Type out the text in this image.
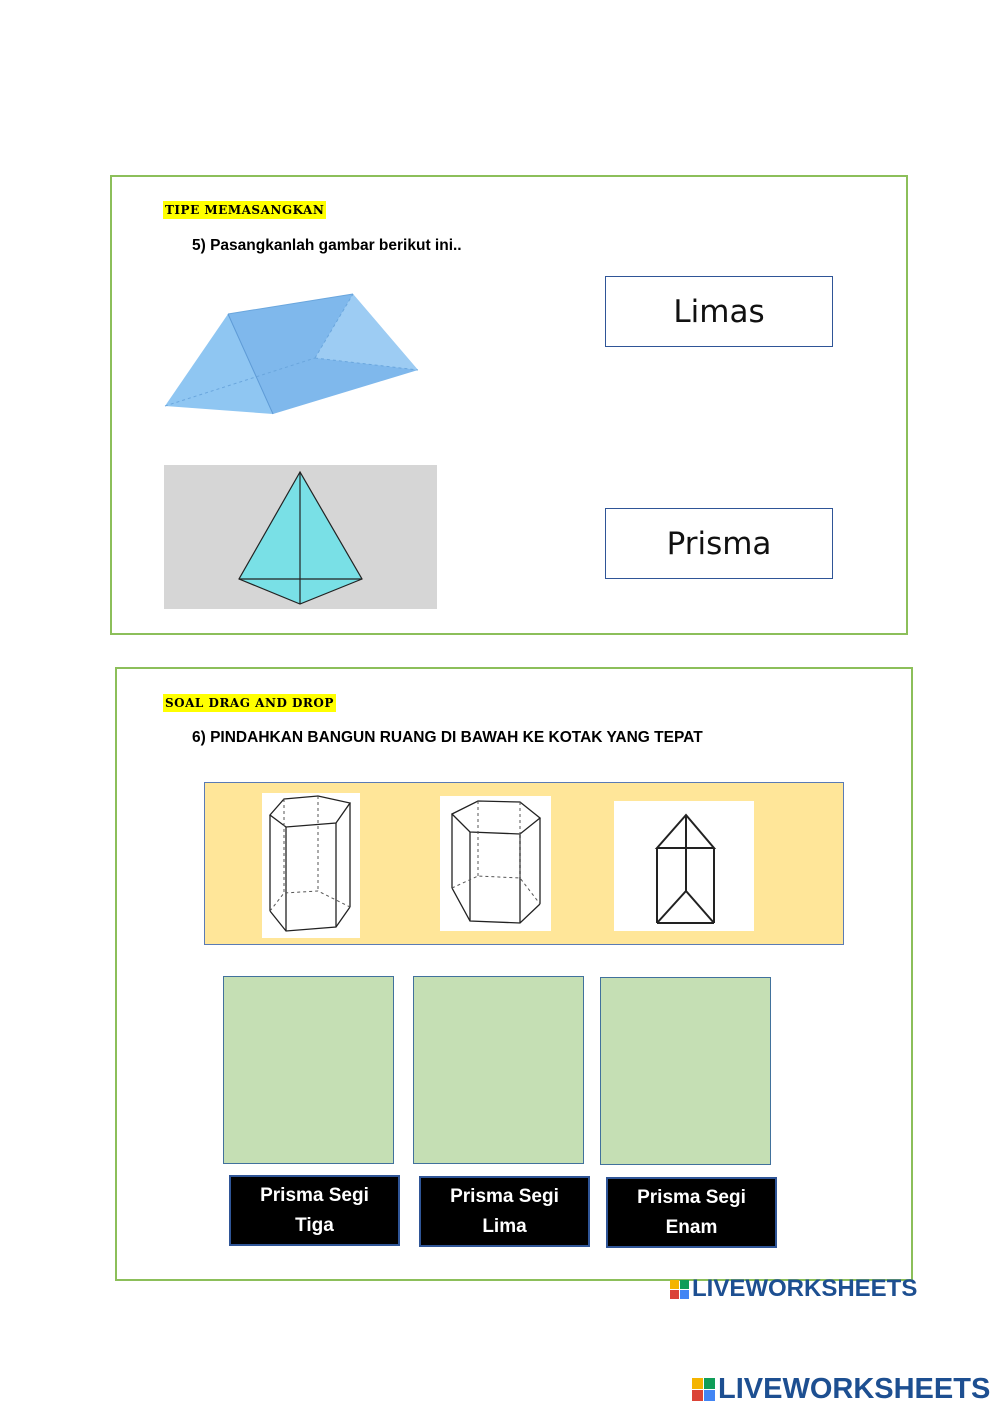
TIPE MEMASANGKAN
5) Pasangkanlah gambar berikut ini..
Limas
Prisma
SOAL DRAG AND DROP
6) PINDAHKAN BANGUN RUANG DI BAWAH KE KOTAK YANG TEPAT
Prisma Segi
Tiga
Prisma Segi
Lima
Prisma Segi
Enam
LIVEWORKSHEETS
LIVEWORKSHEETS
